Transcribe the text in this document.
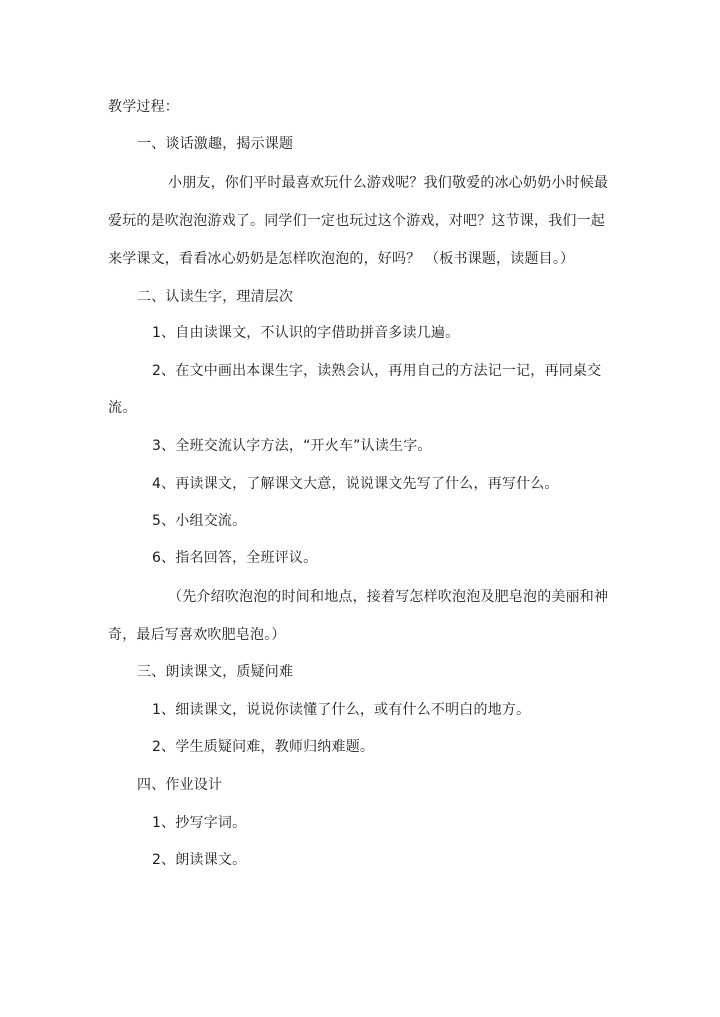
教学过程：
一、谈话激趣，揭示课题
小朋友，你们平时最喜欢玩什么游戏呢？我们敬爱的冰心奶奶小时候最
爱玩的是吹泡泡游戏了。同学们一定也玩过这个游戏，对吧？这节课，我们一起
来学课文，看看冰心奶奶是怎样吹泡泡的，好吗？ （板书课题，读题目。）
二、认读生字，理清层次
1、自由读课文，不认识的字借助拼音多读几遍。
2、在文中画出本课生字，读熟会认，再用自己的方法记一记，再同桌交
流。
3、全班交流认字方法，“开火车”认读生字。
4、再读课文，了解课文大意，说说课文先写了什么，再写什么。
5、小组交流。
6、指名回答，全班评议。
（先介绍吹泡泡的时间和地点，接着写怎样吹泡泡及肥皂泡的美丽和神
奇，最后写喜欢吹肥皂泡。）
三、朗读课文，质疑问难
1、细读课文，说说你读懂了什么，或有什么不明白的地方。
2、学生质疑问难，教师归纳难题。
四、作业设计
1、抄写字词。
2、朗读课文。
